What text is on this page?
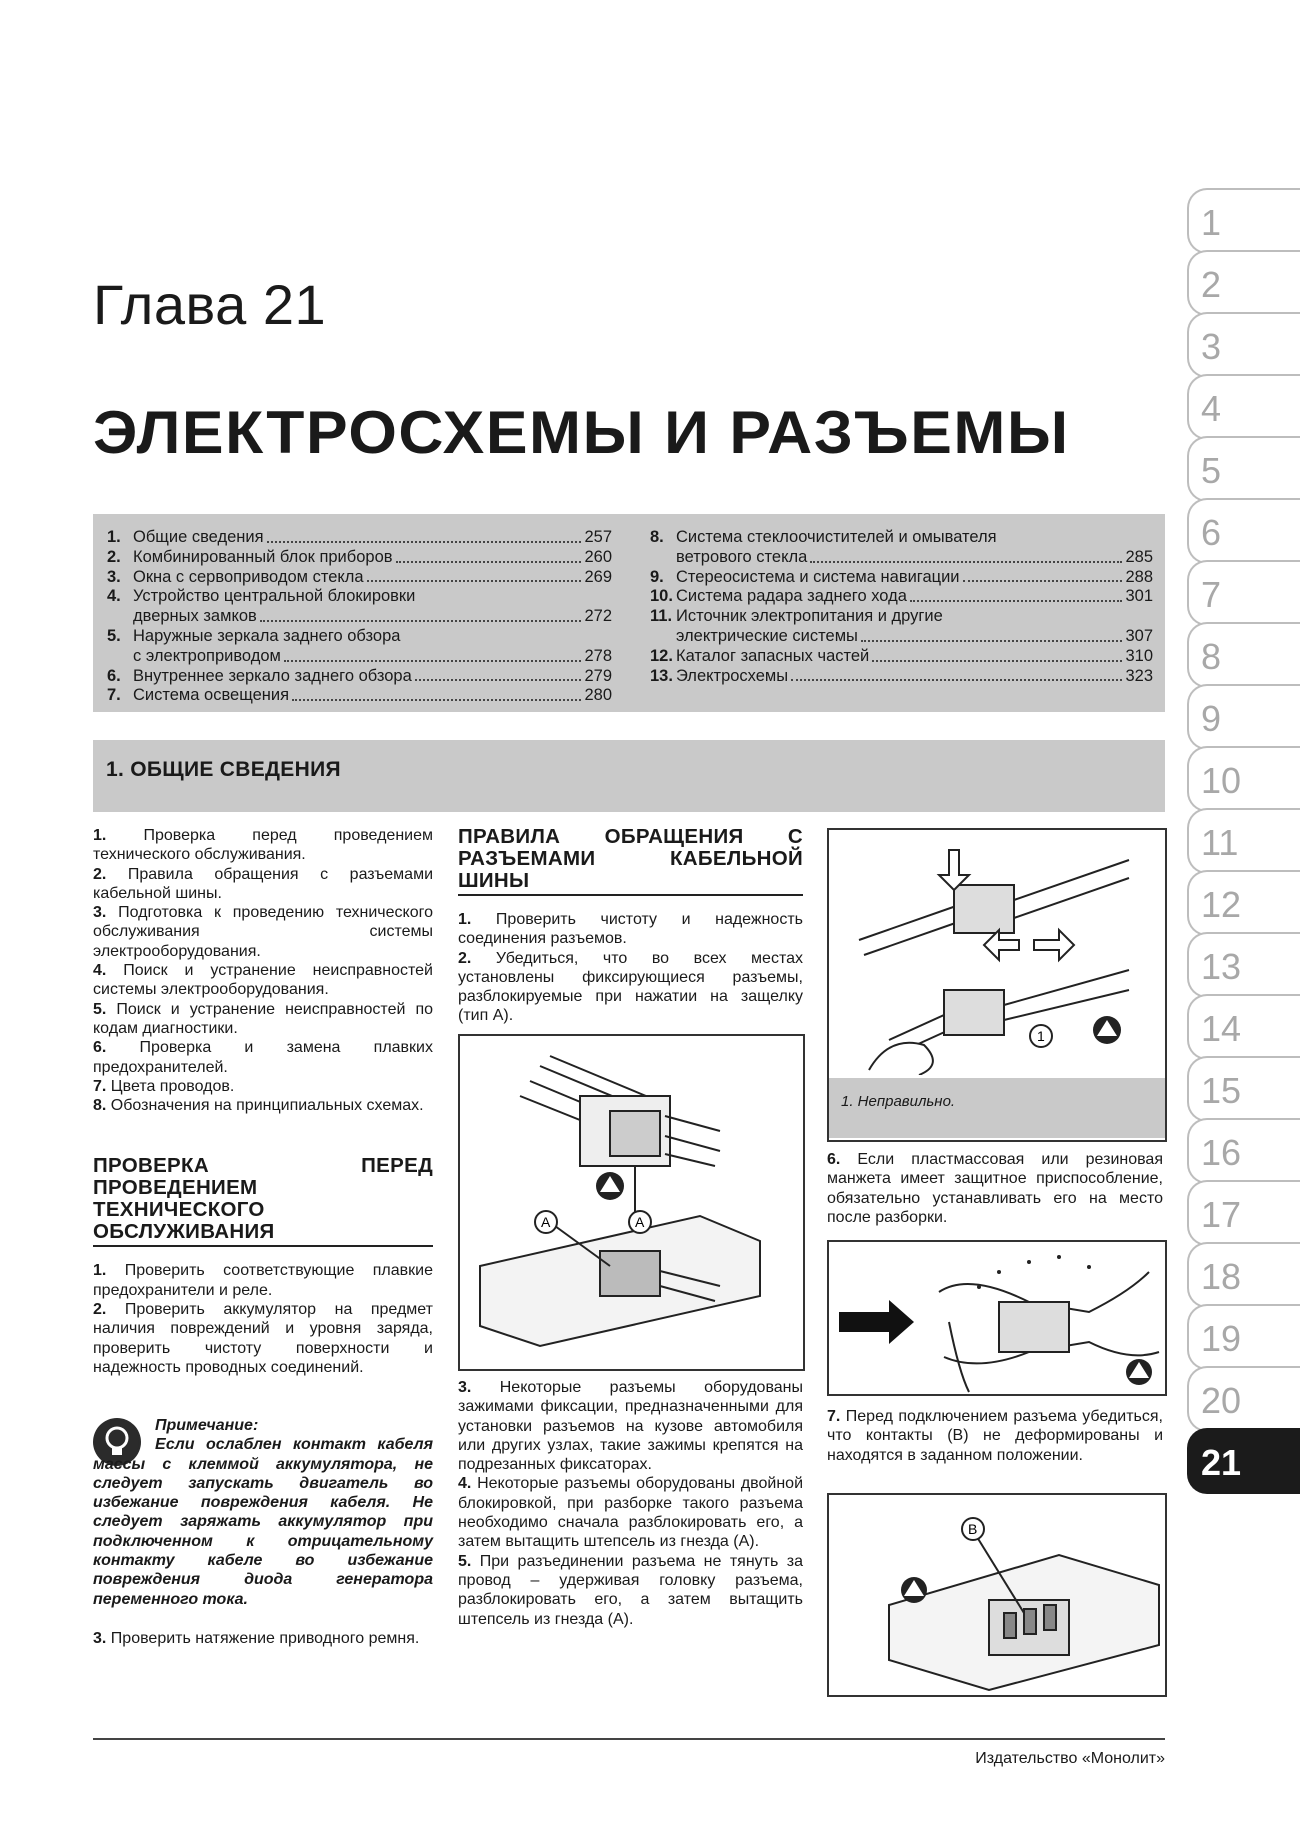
Глава 21
ЭЛЕКТРОСХЕМЫ И РАЗЪЕМЫ
1. Общие сведения	257
2. Комбинированный блок приборов	260
3. Окна с сервоприводом стекла	269
4. Устройство центральной блокировки
дверных замков	272
5. Наружные зеркала заднего обзора
с электроприводом	278
6. Внутреннее зеркало заднего обзора	279
7. Система освещения	280
8. Система стеклоочистителей и омывателя
ветрового стекла	285
9. Стереосистема и система навигации	288
10. Система радара заднего хода	301
11. Источник электропитания и другие
электрические системы	307
12. Каталог запасных частей	310
13. Электросхемы	323
1. ОБЩИЕ СВЕДЕНИЯ

1. Проверка перед проведением технического обслуживания.

2. Правила обращения с разъемами кабельной шины.

3. Подготовка к проведению технического обслуживания системы электрооборудования.

4. Поиск и устранение неисправностей системы электрооборудования.

5. Поиск и устранение неисправностей по кодам диагностики.

6. Проверка и замена плавких предохранителей.

7. Цвета проводов.

8. Обозначения на принципиальных схемах.

ПРОВЕРКА ПЕРЕД ПРОВЕДЕНИЕМ ТЕХНИЧЕСКОГО ОБСЛУЖИВАНИЯ

1. Проверить соответствующие плавкие предохранители и реле.

2. Проверить аккумулятор на предмет наличия повреждений и уровня заряда, проверить чистоту поверхности и надежность проводных соединений.

Примечание:

Если ослаблен контакт кабеля массы с клеммой аккумулятора, не следует запускать двигатель во избежание повреждения кабеля. Не следует заряжать аккумулятор при подключенном к отрицательному контакту кабеле во избежание повреждения диода генератора переменного тока.

3. Проверить натяжение приводного ремня.

ПРАВИЛА ОБРАЩЕНИЯ С РАЗЪЕМАМИ КАБЕЛЬНОЙ ШИНЫ

1. Проверить чистоту и надежность соединения разъемов.

2. Убедиться, что во всех местах установлены фиксирующиеся разъемы, разблокируемые при нажатии на защелку (тип А).

A
A

3. Некоторые разъемы оборудованы зажимами фиксации, предназначенными для установки разъемов на кузове автомобиля или других узлах, такие зажимы крепятся на подрезанных фиксаторах.

4. Некоторые разъемы оборудованы двойной блокировкой, при разборке такого разъема необходимо сначала разблокировать его, а затем вытащить штепсель из гнезда (А).

5. При разъединении разъема не тянуть за провод – удерживая головку разъема, разблокировать его, а затем вытащить штепсель из гнезда (А).

1
1. Неправильно.

6. Если пластмассовая или резиновая манжета имеет защитное приспособление, обязательно устанавливать его на место после разборки.

7. Перед подключением разъема убедиться, что контакты (В) не деформированы и находятся в заданном положении.

B
1
2
3
4
5
6
7
8
9
10
11
12
13
14
15
16
17
18
19
20
21
Издательство «Монолит»
